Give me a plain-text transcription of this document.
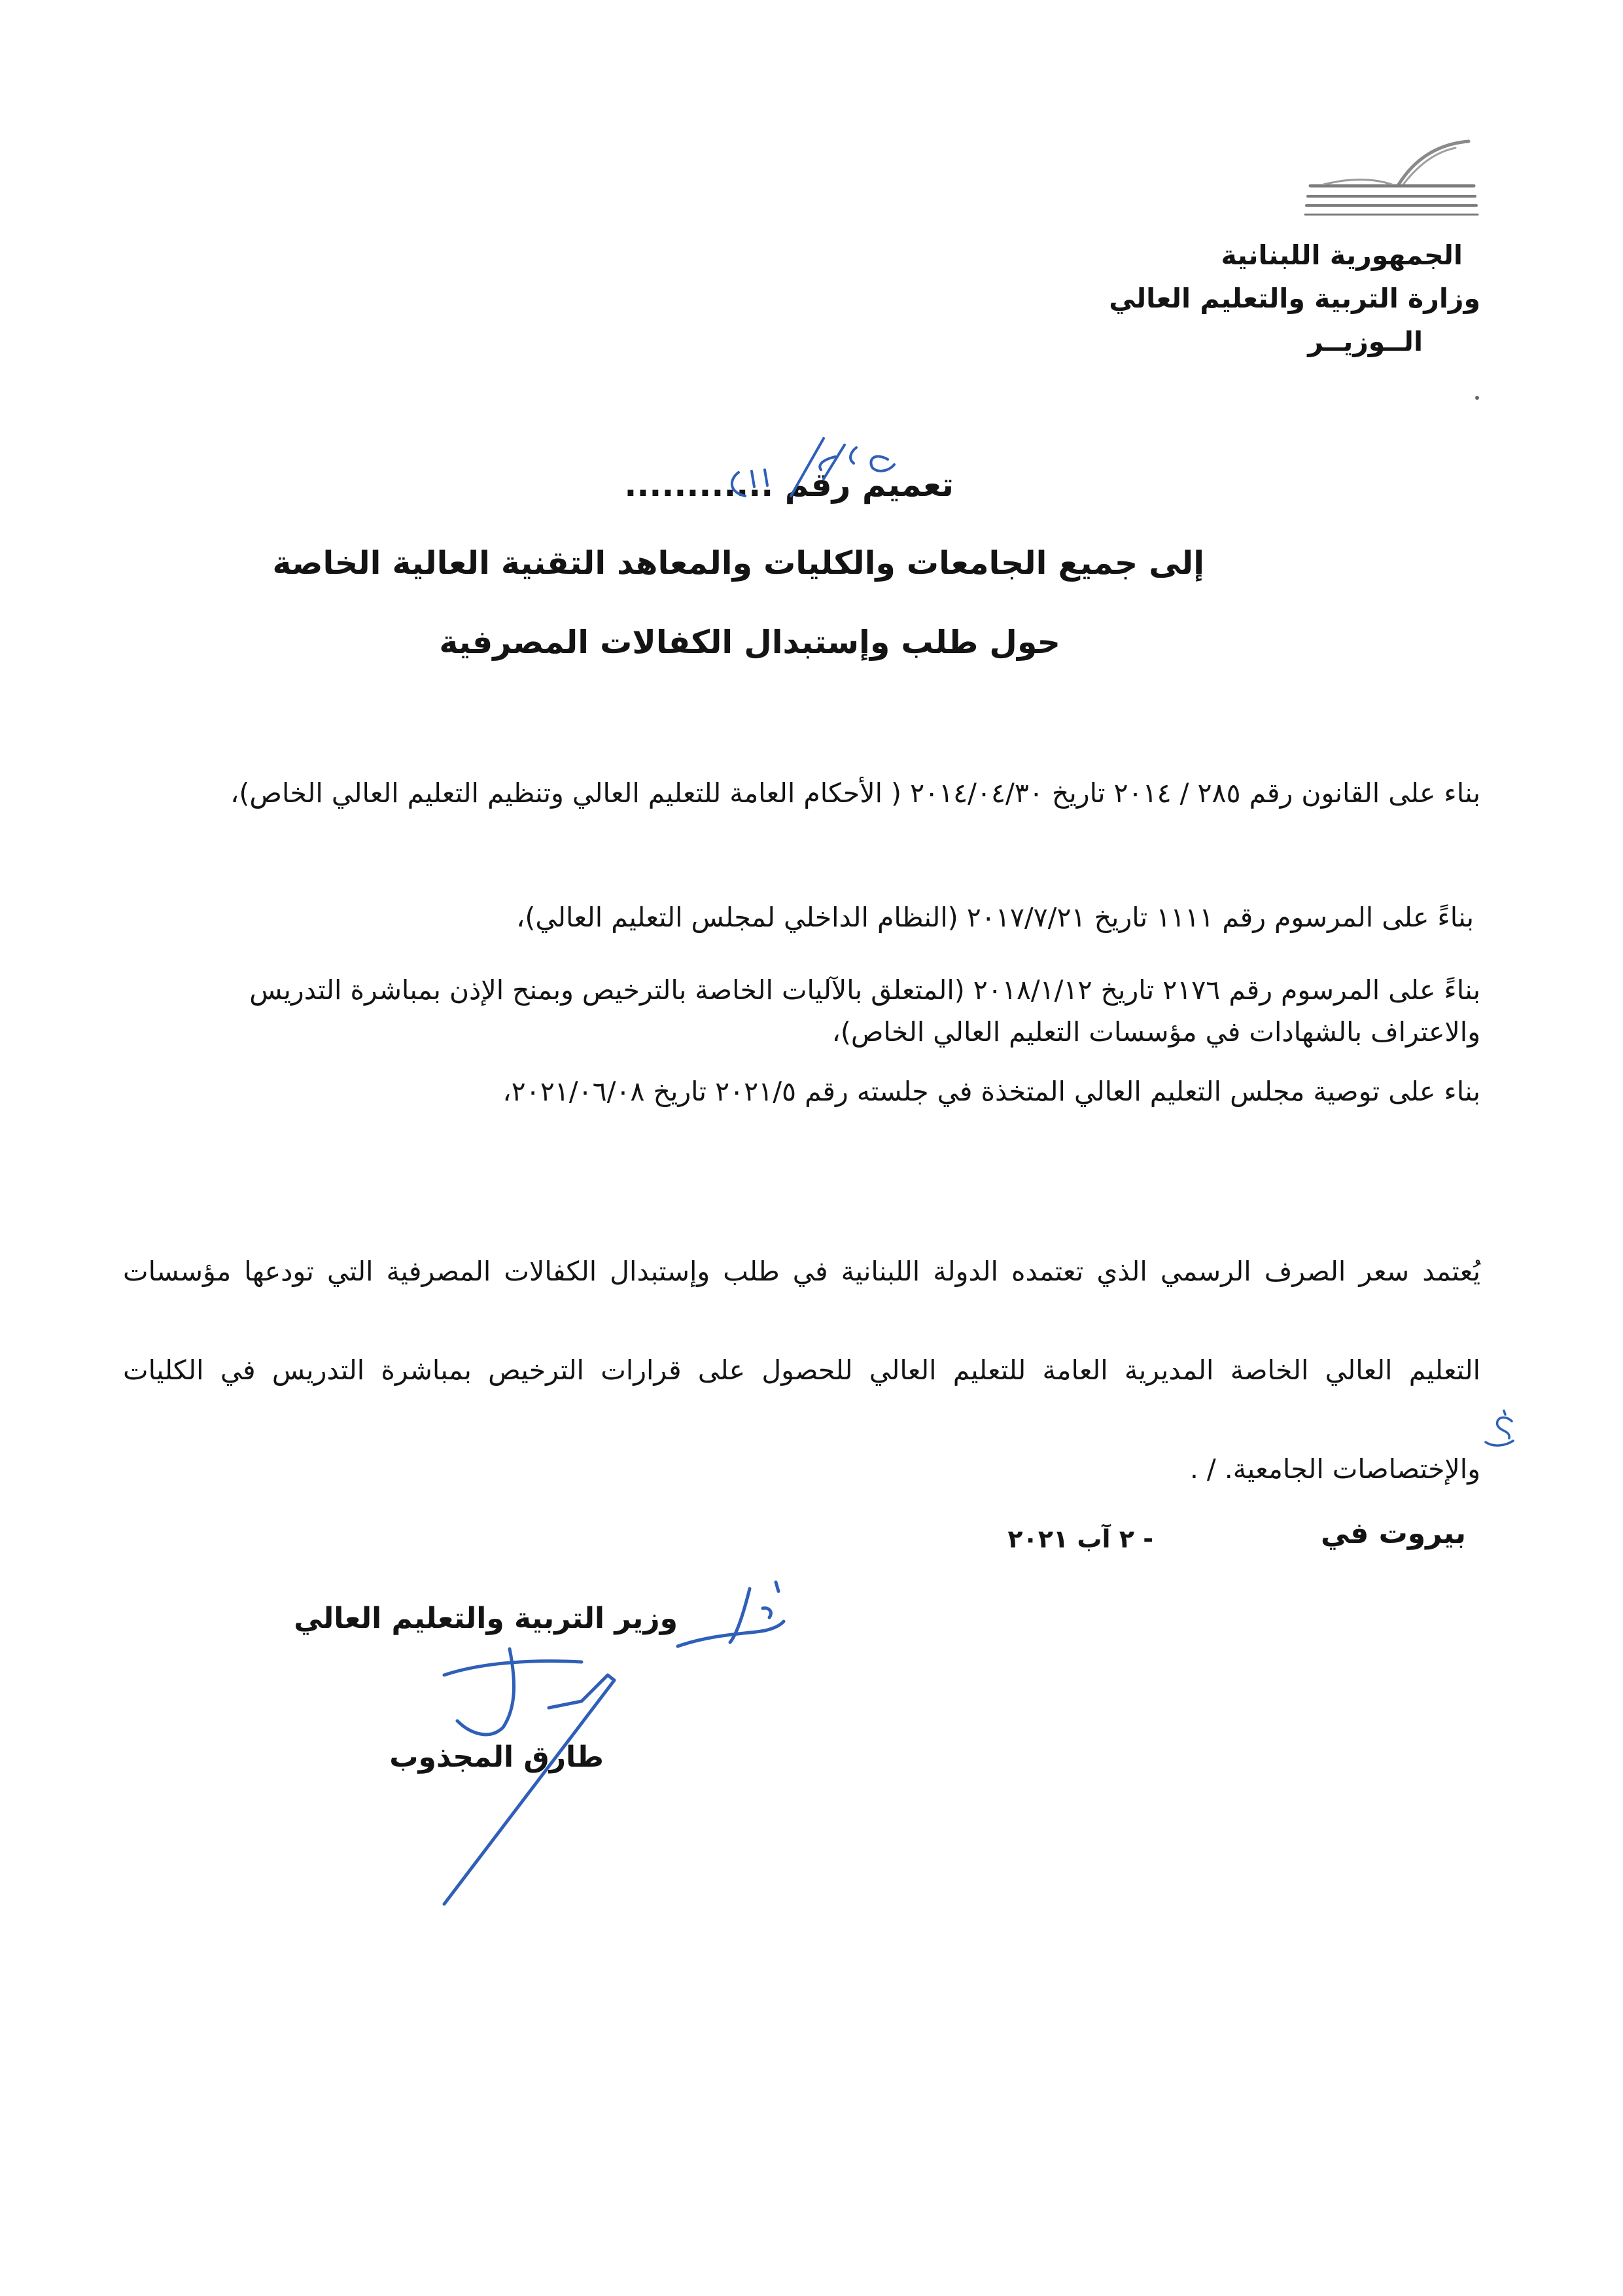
الجمهورية اللبنانية
وزارة التربية والتعليم العالي
الــوزيــر
تعميم رقم ............
إلى جميع الجامعات والكليات والمعاهد التقنية العالية الخاصة
حول طلب وإستبدال الكفالات المصرفية
بناء على القانون رقم ٢٨٥ / ٢٠١٤ تاريخ ٢٠١٤/٠٤/٣٠ ( الأحكام العامة للتعليم العالي وتنظيم التعليم العالي الخاص)،
بناءً على المرسوم رقم ١١١١ تاريخ ٢٠١٧/٧/٢١ (النظام الداخلي لمجلس التعليم العالي)،
بناءً على المرسوم رقم ٢١٧٦ تاريخ ٢٠١٨/١/١٢ (المتعلق بالآليات الخاصة بالترخيص وبمنح الإذن بمباشرة التدريس والاعتراف بالشهادات في مؤسسات التعليم العالي الخاص)،
بناء على توصية مجلس التعليم العالي المتخذة في جلسته رقم ٢٠٢١/٥ تاريخ ٢٠٢١/٠٦/٠٨،
يُعتمد سعر الصرف الرسمي الذي تعتمده الدولة اللبنانية في طلب وإستبدال الكفالات المصرفية التي تودعها مؤسسات التعليم العالي الخاصة المديرية العامة للتعليم العالي للحصول على قرارات الترخيص بمباشرة التدريس في الكليات والإختصاصات الجامعية. / .
بيروت في
- ٢ آب ٢٠٢١
وزير التربية والتعليم العالي
طارق المجذوب
